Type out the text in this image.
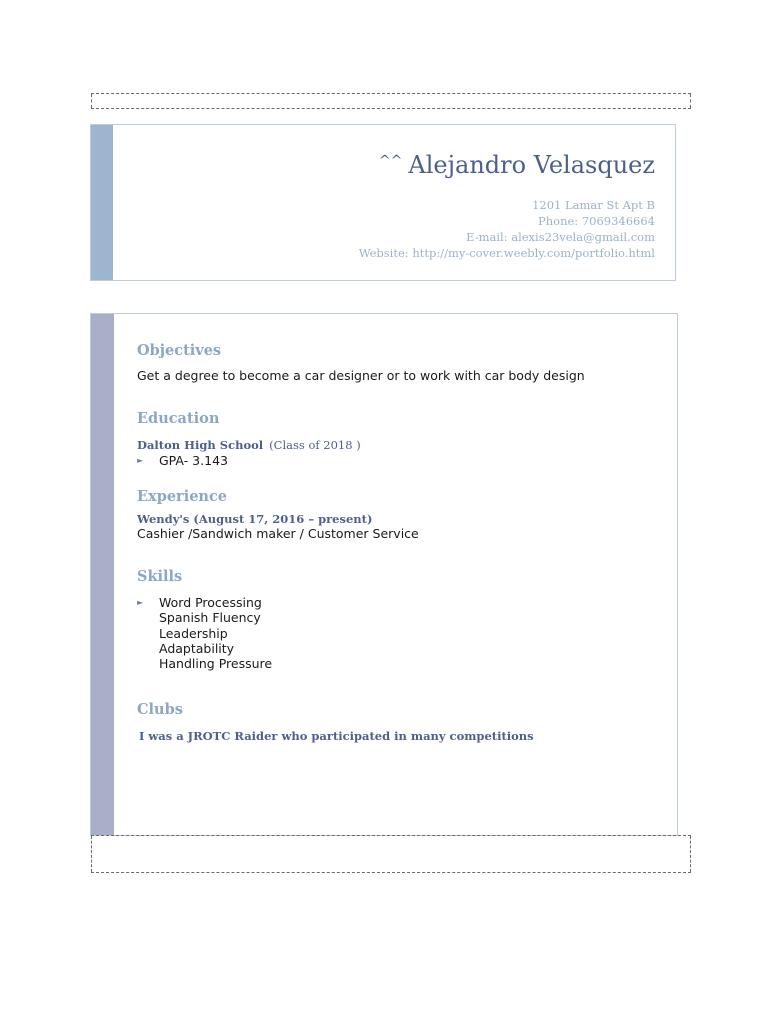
^^ Alejandro Velasquez
1201 Lamar St Apt B
Phone: 7069346664
E-mail: alexis23vela@gmail.com
Website: http://my-cover.weebly.com/portfolio.html
Objectives
Get a degree to become a car designer or to work with car body design
Education
Dalton High School (Class of 2018 )
► GPA- 3.143
Experience
Wendy's (August 17, 2016 – present)
Cashier /Sandwich maker / Customer Service
Skills
► Word Processing
Spanish Fluency
Leadership
Adaptability
Handling Pressure
Clubs
I was a JROTC Raider who participated in many competitions
